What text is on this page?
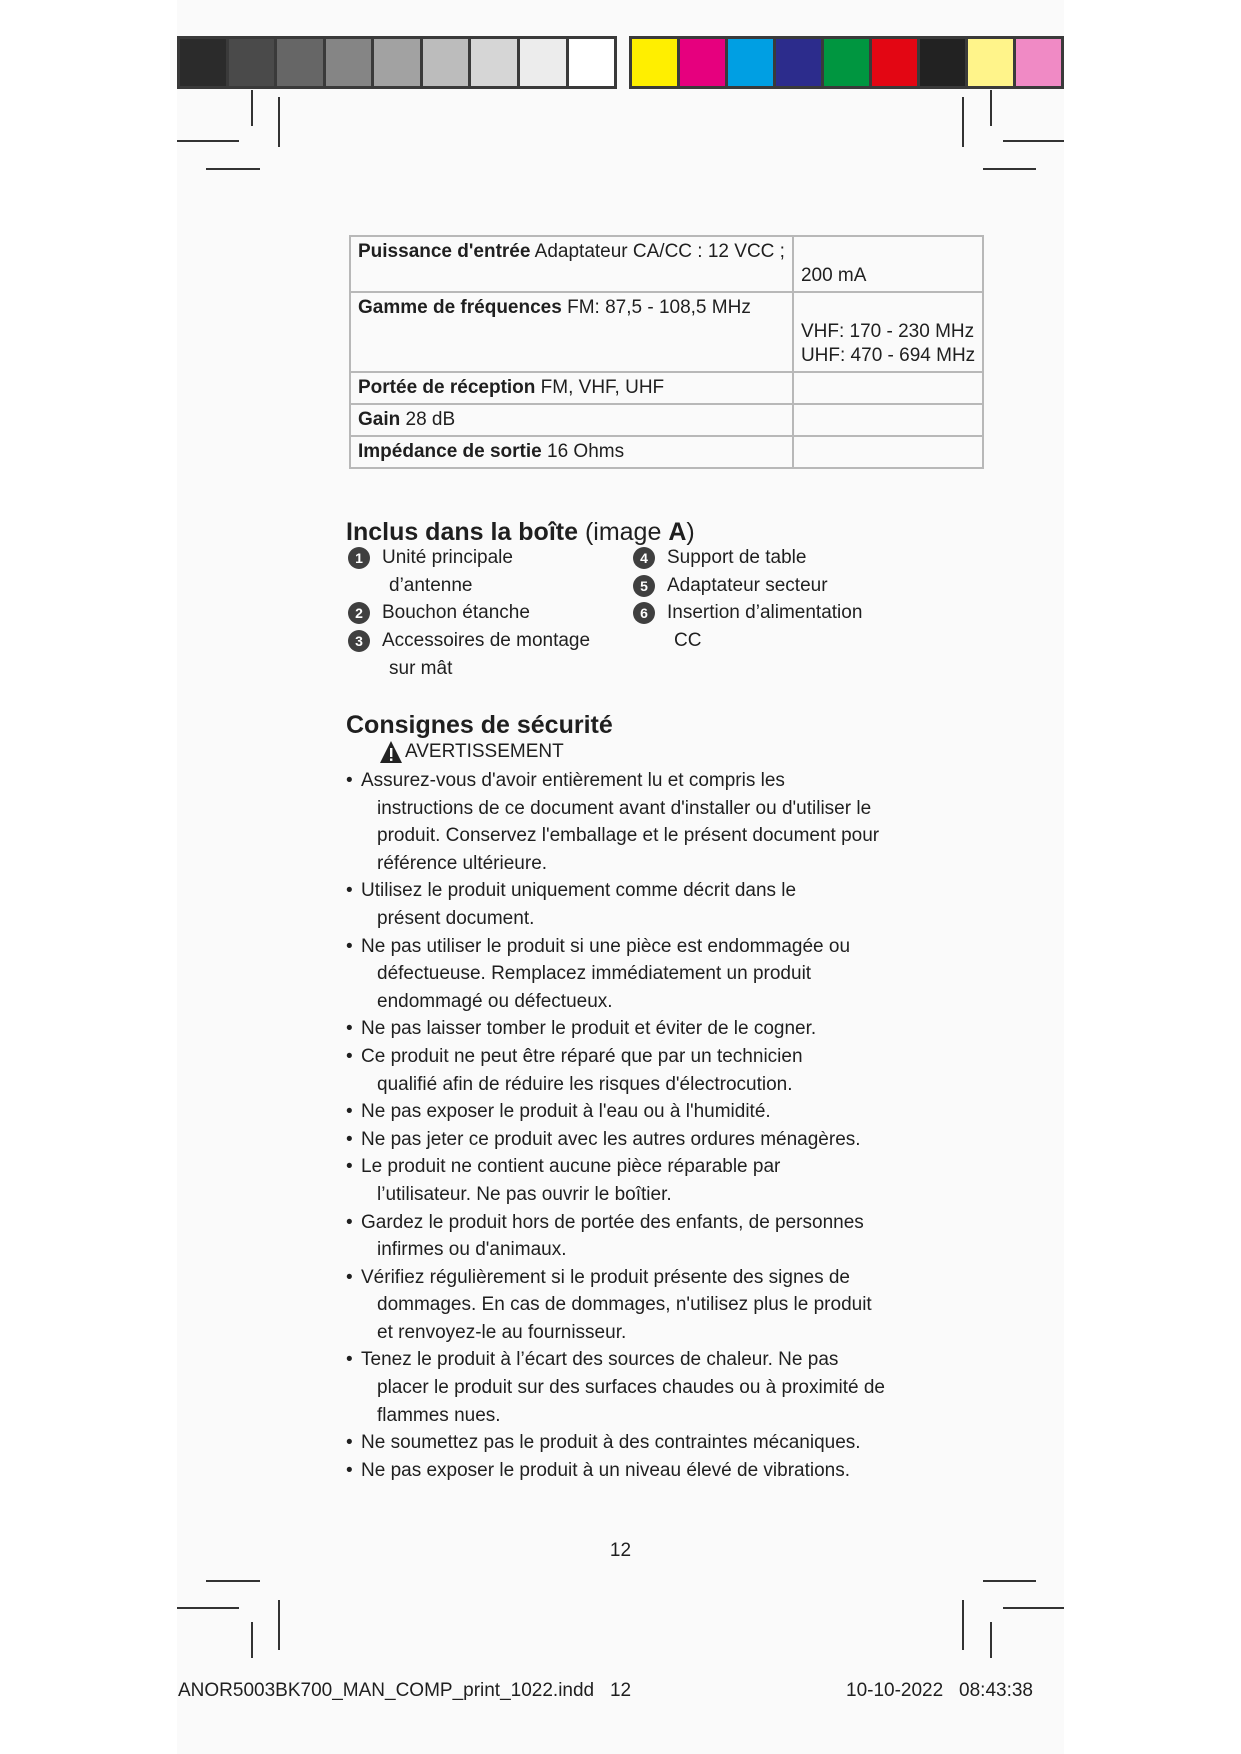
Puissance d'entrée Adaptateur CA/CC : 12 VCC ;	200 mA

Gamme de fréquences FM: 87,5 - 108,5 MHz	VHF: 170 - 230 MHz
UHF: 470 - 694 MHz

Portée de réception FM, VHF, UHF	
Gain 28 dB	
Impédance de sortie 16 Ohms	
Inclus dans la boîte (image A)
1	Unité principale
d’antenne
2	Bouchon étanche
3	Accessoires de montage
sur mât
4	Support de table
5	Adaptateur secteur
6	Insertion d’alimentation
CC
Consignes de sécurité
AVERTISSEMENT
• Assurez-vous d'avoir entièrement lu et compris les
instructions de ce document avant d'installer ou d'utiliser le
produit. Conservez l'emballage et le présent document pour
référence ultérieure.
• Utilisez le produit uniquement comme décrit dans le
présent document.
• Ne pas utiliser le produit si une pièce est endommagée ou
défectueuse. Remplacez immédiatement un produit
endommagé ou défectueux.
• Ne pas laisser tomber le produit et éviter de le cogner.
• Ce produit ne peut être réparé que par un technicien
qualifié afin de réduire les risques d'électrocution.
• Ne pas exposer le produit à l'eau ou à l'humidité.
• Ne pas jeter ce produit avec les autres ordures ménagères.
• Le produit ne contient aucune pièce réparable par
l’utilisateur. Ne pas ouvrir le boîtier.
• Gardez le produit hors de portée des enfants, de personnes
infirmes ou d'animaux.
• Vérifiez régulièrement si le produit présente des signes de
dommages. En cas de dommages, n'utilisez plus le produit
et renvoyez-le au fournisseur.
• Tenez le produit à l’écart des sources de chaleur. Ne pas
placer le produit sur des surfaces chaudes ou à proximité de
flammes nues.
• Ne soumettez pas le produit à des contraintes mécaniques.
• Ne pas exposer le produit à un niveau élevé de vibrations.
12
ANOR5003BK700_MAN_COMP_print_1022.indd   12	10-10-2022   08:43:38
